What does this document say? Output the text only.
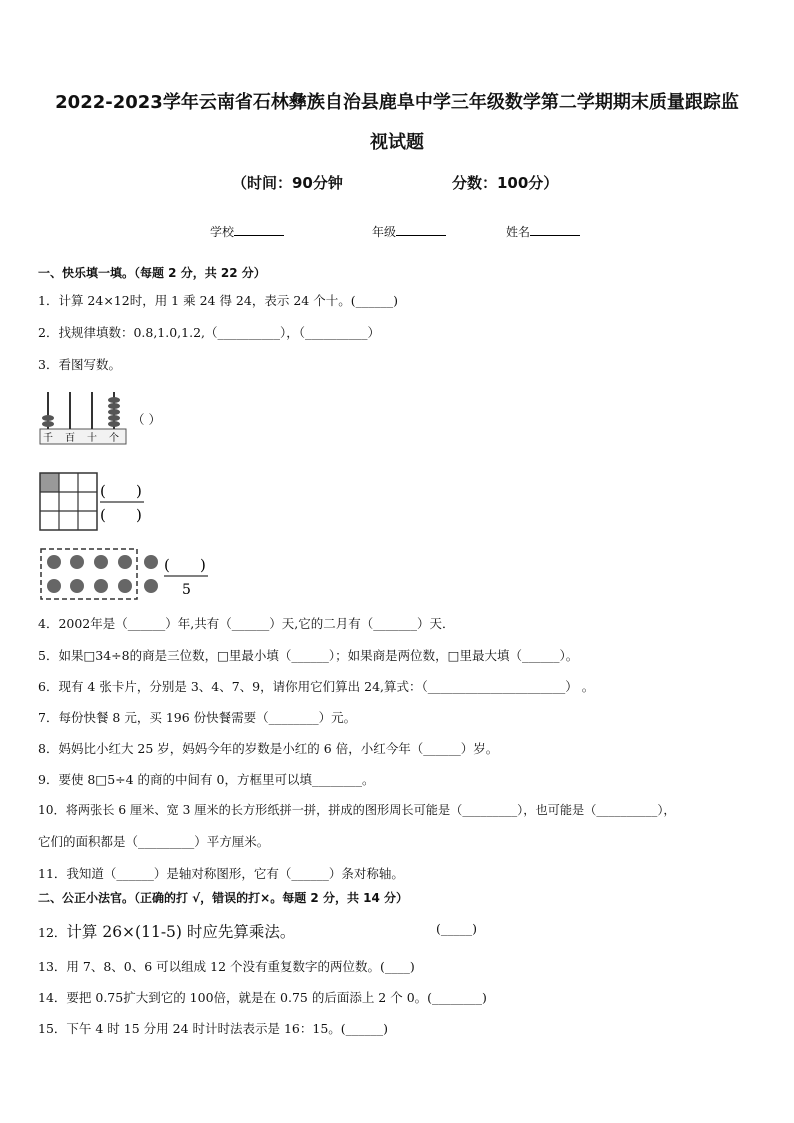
2022-2023学年云南省石林彝族自治县鹿阜中学三年级数学第二学期期末质量跟踪监
视试题
（时间：90分钟	分数：100分）
学校	年级	姓名
一、快乐填一填。（每题 2 分，共 22 分）
1．计算 24×12时，用 1 乘 24 得 24，表示 24 个十。(______)
2．找规律填数：0.8,1.0,1.2,（__________），（__________）
3．看图写数。
千 百 十 个
（ ）
( )
( )
( )
5
4．2002年是（______）年,共有（______）天,它的二月有（_______）天．
5．如果□34÷8的商是三位数，□里最小填（______）；如果商是两位数，□里最大填（______）。
6．现有 4 张卡片，分别是 3、4、7、9，请你用它们算出 24,算式：（______________________） 。
7．每份快餐 8 元，买 196 份快餐需要（________）元。
8．妈妈比小红大 25 岁，妈妈今年的岁数是小红的 6 倍，小红今年（______）岁。
9．要使 8□5÷4 的商的中间有 0，方框里可以填________。
10．将两张长 6 厘米、宽 3 厘米的长方形纸拼一拼，拼成的图形周长可能是（_________），也可能是（__________），
它们的面积都是（_________）平方厘米。
11．我知道（______）是轴对称图形，它有（______）条对称轴。
二、公正小法官。（正确的打 √，错误的打×。每题 2 分，共 14 分）
12．计算 26×(11-5) 时应先算乘法。	(_____)
13．用 7、8、0、6 可以组成 12 个没有重复数字的两位数。(____)
14．要把 0.75扩大到它的 100倍，就是在 0.75 的后面添上 2 个 0。(________)
15．下午 4 时 15 分用 24 时计时法表示是 16：15。(______)
